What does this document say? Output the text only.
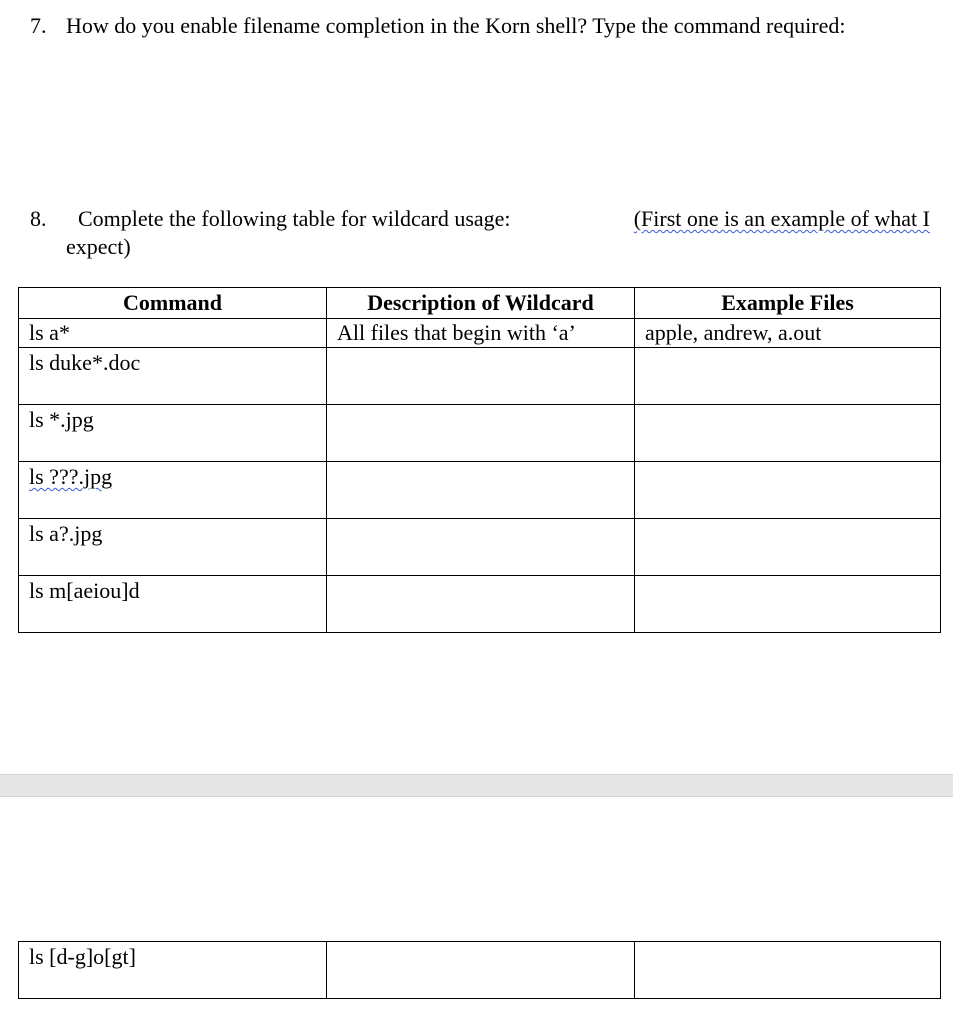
7. How do you enable filename completion in the Korn shell? Type the command required:
8. Complete the following table for wildcard usage:	(First one is an example of what I
expect)
Command	Description of Wildcard	Example Files
ls a*	All files that begin with ‘a’	apple, andrew, a.out
ls duke*.doc		
ls *.jpg		
ls ???.jpg		
ls a?.jpg		
ls m[aeiou]d		
ls [d-g]o[gt]		
